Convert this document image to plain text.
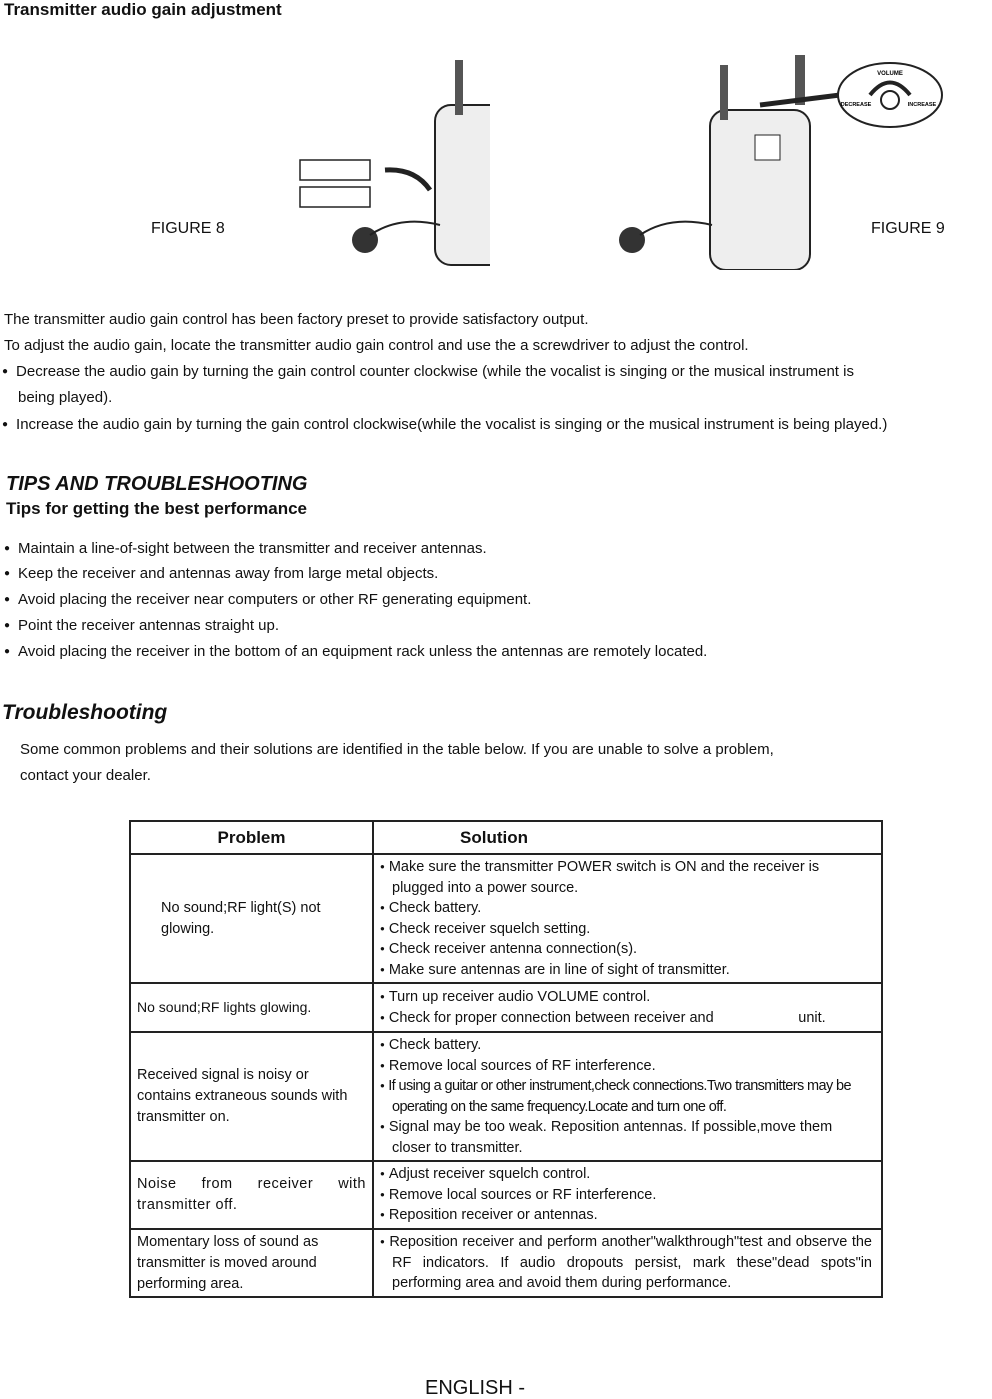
Transmitter audio gain adjustment
FIGURE 8	FIGURE 9
VOLUME
DECREASE	INCREASE
The transmitter audio gain control has been factory preset to provide satisfactory output.
To adjust the audio gain, locate the transmitter audio gain control and use the a screwdriver to adjust the control.
● Decrease the audio gain by turning the gain control counter clockwise (while the vocalist is singing or the musical instrument is
being played).
● Increase the audio gain by turning the gain control clockwise(while the vocalist is singing or the musical instrument is being played.)
TIPS AND TROUBLESHOOTING
Tips for getting the best performance
● Maintain a line-of-sight between the transmitter and receiver antennas.
● Keep the receiver and antennas away from large metal objects.
● Avoid placing the receiver near computers or other RF generating equipment.
● Point the receiver antennas straight up.
● Avoid placing the receiver in the bottom of an equipment rack unless the antennas are remotely located.
Troubleshooting
Some common problems and their solutions are identified in the table below. If you are unable to solve a problem,
contact your dealer.
Problem	Solution
No sound;RF light(S) not glowing.	● Make sure the transmitter POWER switch is ON and the receiver is plugged into a power source.
● Check battery.
● Check receiver squelch setting.
● Check receiver antenna connection(s).
● Make sure antennas are in line of sight of transmitter.

No sound;RF lights glowing.	● Turn up receiver audio VOLUME control.
● Check for proper connection between receiver and                     unit.

Received signal is noisy or contains extraneous sounds with transmitter on.	● Check battery.
● Remove local sources of RF interference.
● If using a guitar or other instrument,check connections.Two transmitters may be operating on the same frequency.Locate and turn one off.
● Signal may be too weak. Reposition antennas. If possible,move them closer to transmitter.

Noise from receiver with transmitter off.	● Adjust receiver squelch control.
● Remove local sources or RF interference.
● Reposition receiver or antennas.

Momentary loss of sound as transmitter is moved around performing area.	● Reposition receiver and perform another"walkthrough"test and observe the RF indicators. If audio dropouts persist, mark these"dead spots"in performing area and avoid them during performance.
ENGLISH -
